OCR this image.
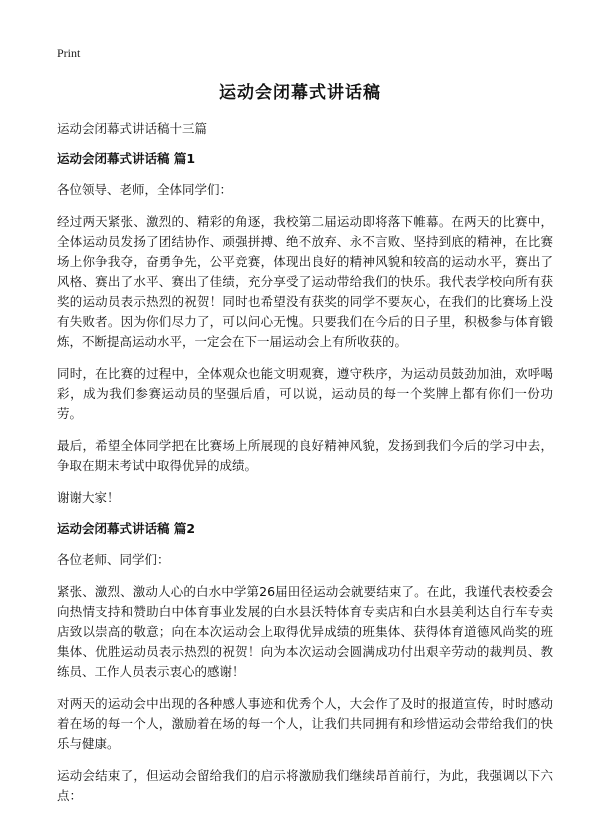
Print
运动会闭幕式讲话稿
运动会闭幕式讲话稿十三篇
运动会闭幕式讲话稿 篇1
各位领导、老师，全体同学们：
经过两天紧张、激烈的、精彩的角逐，我校第二届运动即将落下帷幕。在两天的比赛中，全体运动员发扬了团结协作、顽强拼搏、绝不放弃、永不言败、坚持到底的精神，在比赛场上你争我夺，奋勇争先，公平竞赛，体现出良好的精神风貌和较高的运动水平，赛出了风格、赛出了水平、赛出了佳绩，充分享受了运动带给我们的快乐。我代表学校向所有获奖的运动员表示热烈的祝贺！同时也希望没有获奖的同学不要灰心，在我们的比赛场上没有失败者。因为你们尽力了，可以问心无愧。只要我们在今后的日子里，积极参与体育锻炼，不断提高运动水平，一定会在下一届运动会上有所收获的。
同时，在比赛的过程中，全体观众也能文明观赛，遵守秩序，为运动员鼓劲加油，欢呼喝彩，成为我们参赛运动员的坚强后盾，可以说，运动员的每一个奖牌上都有你们一份功劳。
最后，希望全体同学把在比赛场上所展现的良好精神风貌，发扬到我们今后的学习中去，争取在期末考试中取得优异的成绩。
谢谢大家！
运动会闭幕式讲话稿 篇2
各位老师、同学们：
紧张、激烈、激动人心的白水中学第26届田径运动会就要结束了。在此，我谨代表校委会向热情支持和赞助白中体育事业发展的白水县沃特体育专卖店和白水县美利达自行车专卖店致以崇高的敬意；向在本次运动会上取得优异成绩的班集体、获得体育道德风尚奖的班集体、优胜运动员表示热烈的祝贺！向为本次运动会圆满成功付出艰辛劳动的裁判员、教练员、工作人员表示衷心的感谢！
对两天的运动会中出现的各种感人事迹和优秀个人，大会作了及时的报道宣传，时时感动着在场的每一个人，激励着在场的每一个人，让我们共同拥有和珍惜运动会带给我们的快乐与健康。
运动会结束了，但运动会留给我们的启示将激励我们继续昂首前行，为此，我强调以下六点：
